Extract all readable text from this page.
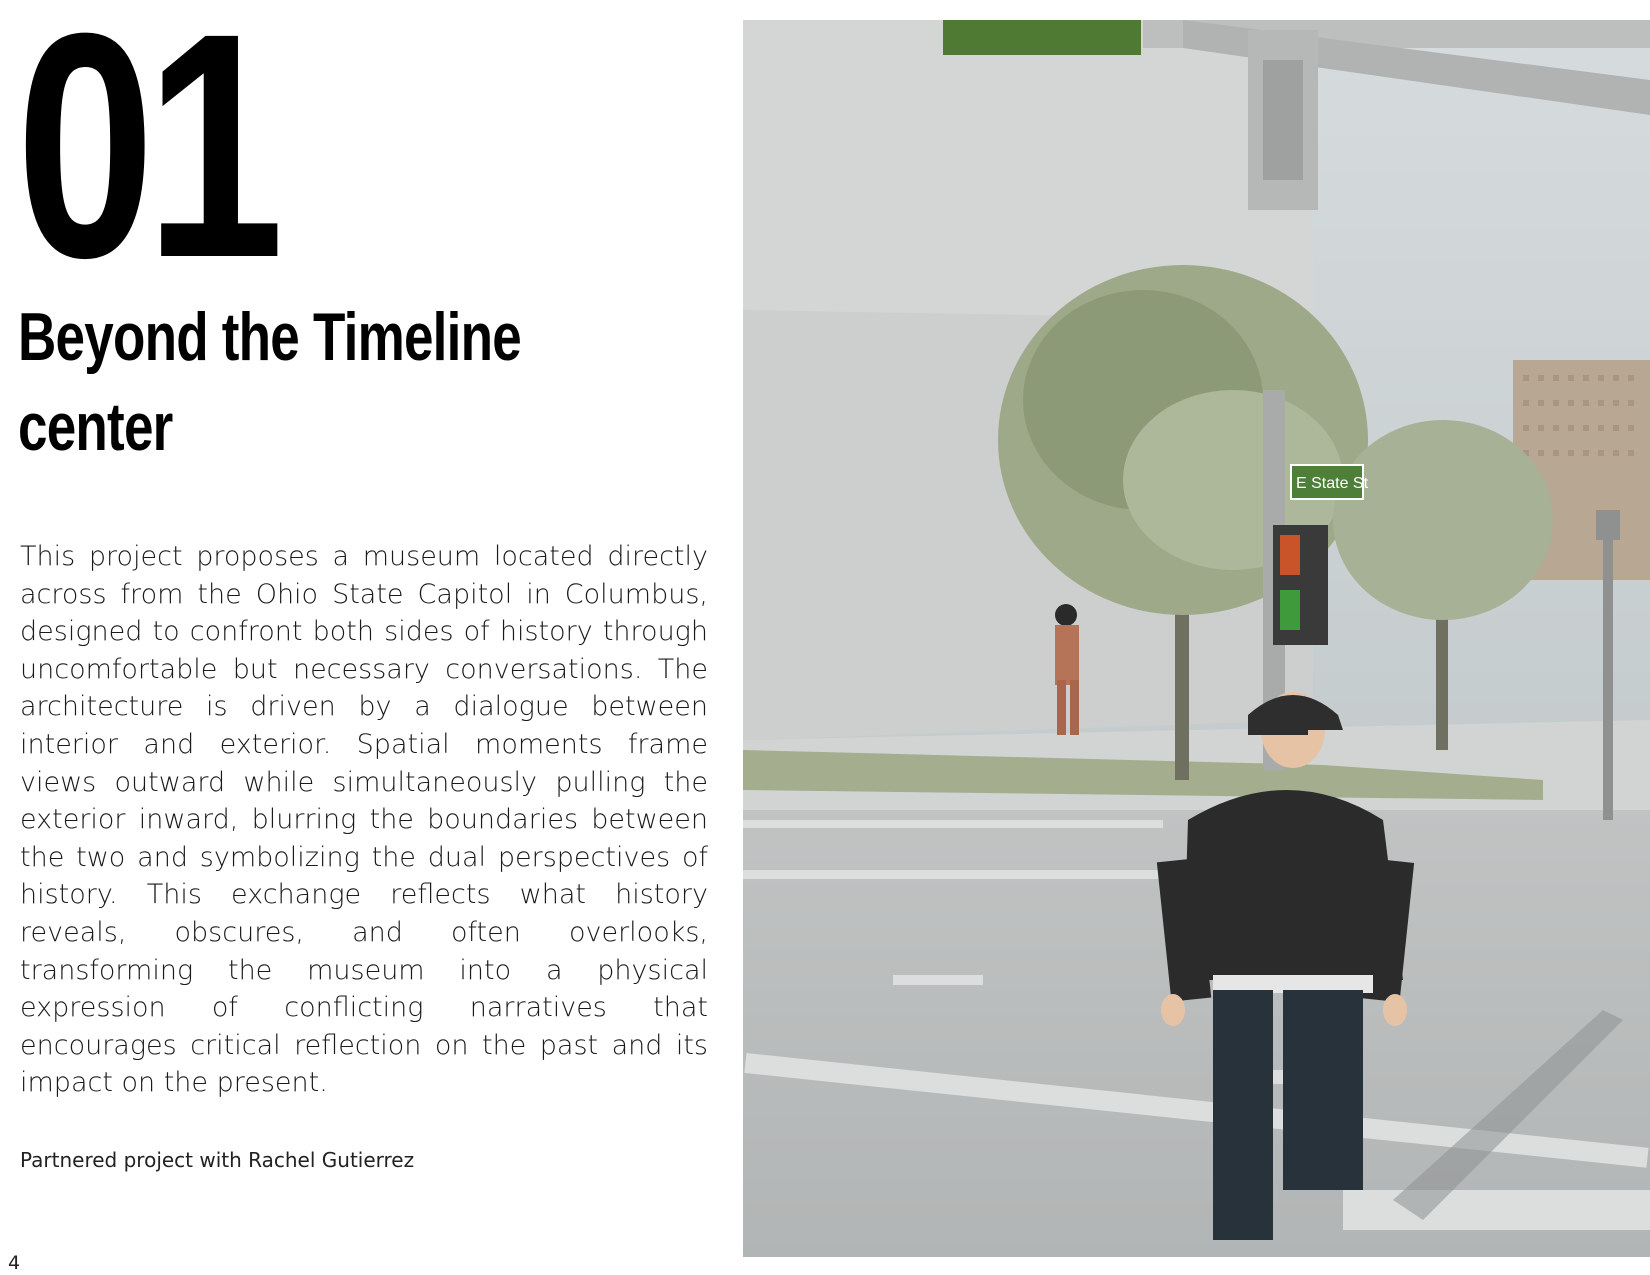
01
Beyond the Timeline
center
This project proposes a museum located directly across from the Ohio State Capitol in Columbus, designed to confront both sides of history through uncomfortable but necessary conversations. The architecture is driven by a dialogue between interior and exterior. Spatial moments frame views outward while simultaneously pulling the exterior inward, blurring the boundaries between the two and symbolizing the dual perspectives of history. This exchange reflects what history reveals, obscures, and often overlooks, transforming the museum into a physical expression of conflicting narratives that encourages critical reflection on the past and its impact on the present.
Partnered project with Rachel Gutierrez
4
E State St
